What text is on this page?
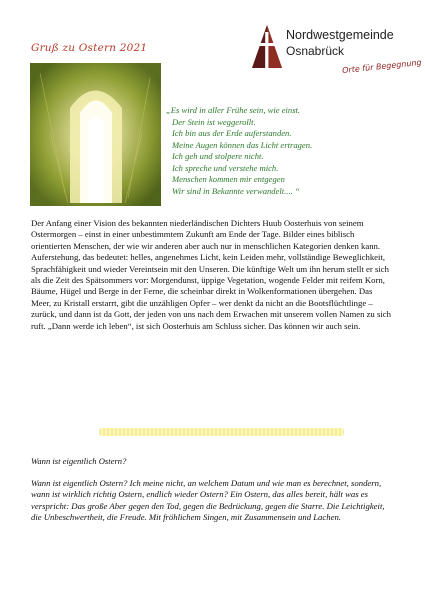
Gruß zu Ostern 2021
Nordwestgemeinde
Osnabrück
Orte für Begegnung
„Es wird in aller Frühe sein, wie einst.
Der Stein ist weggerollt.
Ich bin aus der Erde auferstanden.
Meine Augen können das Licht ertragen.
Ich geh und stolpere nicht.
Ich spreche und verstehe mich.
Menschen kommen mir entgegen
Wir sind in Bekannte verwandelt.... “
Der Anfang einer Vision des bekannten niederländischen Dichters Huub Oosterhuis von seinem Ostermorgen – einst in einer unbestimmtem Zukunft am Ende der Tage. Bilder eines biblisch orientierten Menschen, der wie wir anderen aber auch nur in menschlichen Kategorien denken kann. Auferstehung, das bedeutet: helles, angenehmes Licht, kein Leiden mehr, vollständige Beweglichkeit, Sprachfähigkeit und wieder Vereintsein mit den Unseren. Die künftige Welt um ihn herum stellt er sich als die Zeit des Spätsommers vor: Morgendunst, üppige Vegetation, wogende Felder mit reifem Korn, Bäume, Hügel und Berge in der Ferne, die scheinbar direkt in Wolkenformationen übergehen. Das Meer, zu Kristall erstarrt, gibt die unzähligen Opfer – wer denkt da nicht an die Bootsflüchtlinge – zurück, und dann ist da Gott, der jeden von uns nach dem Erwachen mit unserem vollen Namen zu sich ruft. „Dann werde ich leben“, ist sich Oosterhuis am Schluss sicher. Das können wir auch sein.
Wann ist eigentlich Ostern?
Wann ist eigentlich Ostern? Ich meine nicht, an welchem Datum und wie man es berechnet, sondern, wann ist wirklich richtig Ostern, endlich wieder Ostern? Ein Ostern, das alles bereit, hält was es verspricht: Das große Aber gegen den Tod, gegen die Bedrückung, gegen die Starre. Die Leichtigkeit, die Unbeschwertheit, die Freude. Mit fröhlichem Singen, mit Zusammensein und Lachen.
